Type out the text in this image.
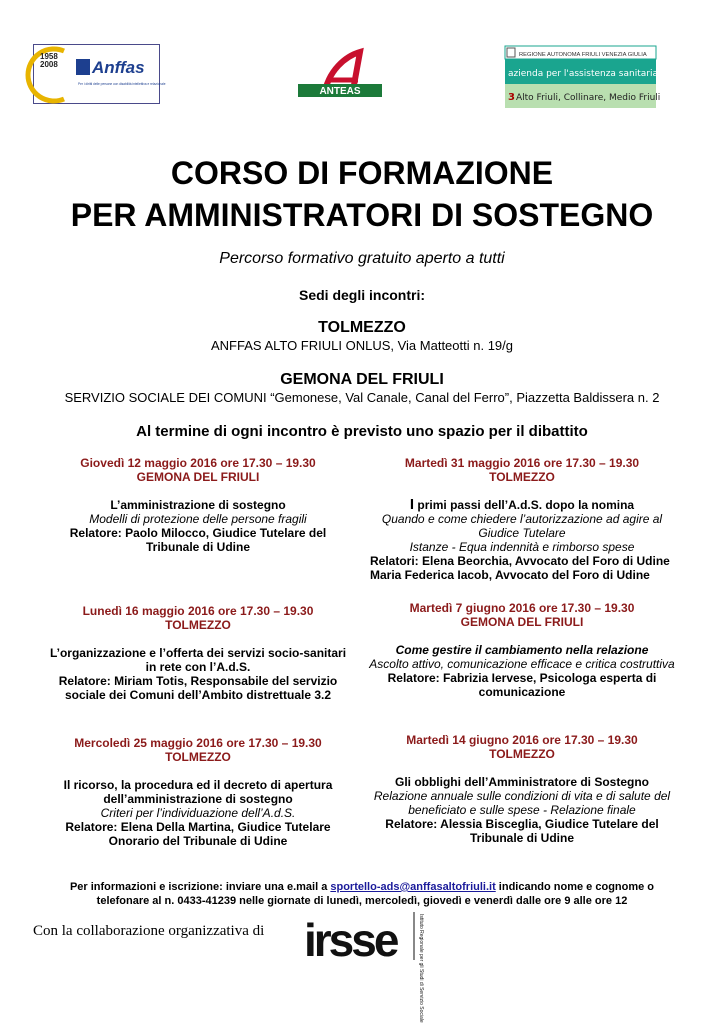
1958
2008 Anffas
Per i diritti delle persone con disabilità intellettiva e relazionale
ANTEAS
REGIONE AUTONOMA FRIULI VENEZIA GIULIA
azienda per l'assistenza sanitaria
3 Alto Friuli, Collinare, Medio Friuli
CORSO DI FORMAZIONE
PER AMMINISTRATORI DI SOSTEGNO
Percorso formativo gratuito aperto a tutti
Sedi degli incontri:
TOLMEZZO
ANFFAS ALTO FRIULI ONLUS, Via Matteotti n. 19/g
GEMONA DEL FRIULI
SERVIZIO SOCIALE DEI COMUNI “Gemonese, Val Canale, Canal del Ferro”, Piazzetta Baldissera n. 2
Al termine di ogni incontro è previsto uno spazio per il dibattito
Giovedì 12 maggio 2016 ore 17.30 – 19.30
GEMONA DEL FRIULI
L’amministrazione di sostegno
Modelli di protezione delle persone fragili
Relatore: Paolo Milocco, Giudice Tutelare del
Tribunale di Udine
Lunedì 16 maggio 2016 ore 17.30 – 19.30
TOLMEZZO
L’organizzazione e l’offerta dei servizi socio-sanitari
in rete con l’A.d.S.
Relatore: Miriam Totis, Responsabile del servizio
sociale dei Comuni dell’Ambito distrettuale 3.2
Mercoledì 25 maggio 2016 ore 17.30 – 19.30
TOLMEZZO
Il ricorso, la procedura ed il decreto di apertura
dell’amministrazione di sostegno
Criteri per l’individuazione dell’A.d.S.
Relatore: Elena Della Martina, Giudice Tutelare
Onorario del Tribunale di Udine
Martedì 31 maggio 2016 ore 17.30 – 19.30
TOLMEZZO
I primi passi dell’A.d.S. dopo la nomina
Quando e come chiedere l’autorizzazione ad agire al
Giudice Tutelare
Istanze - Equa indennità e rimborso spese
Relatori: Elena Beorchia, Avvocato del Foro di Udine
Maria Federica Iacob, Avvocato del Foro di Udine
Martedì 7 giugno 2016 ore 17.30 – 19.30
GEMONA DEL FRIULI
Come gestire il cambiamento nella relazione
Ascolto attivo, comunicazione efficace e critica costruttiva
Relatore: Fabrizia Iervese, Psicologa esperta di
comunicazione
Martedì 14 giugno 2016 ore 17.30 – 19.30
TOLMEZZO
Gli obblighi dell’Amministratore di Sostegno
Relazione annuale sulle condizioni di vita e di salute del
beneficiato e sulle spese - Relazione finale
Relatore: Alessia Bisceglia, Giudice Tutelare del
Tribunale di Udine
Per informazioni e iscrizione: inviare una e.mail a sportello-ads@anffasaltofriuli.it indicando nome e cognome o
telefonare al n. 0433-41239 nelle giornate di lunedì, mercoledì, giovedì e venerdì dalle ore 9 alle ore 12
Con la collaborazione organizzativa di irsse	Istituto Regionale per gli Studi di Servizio Sociale
